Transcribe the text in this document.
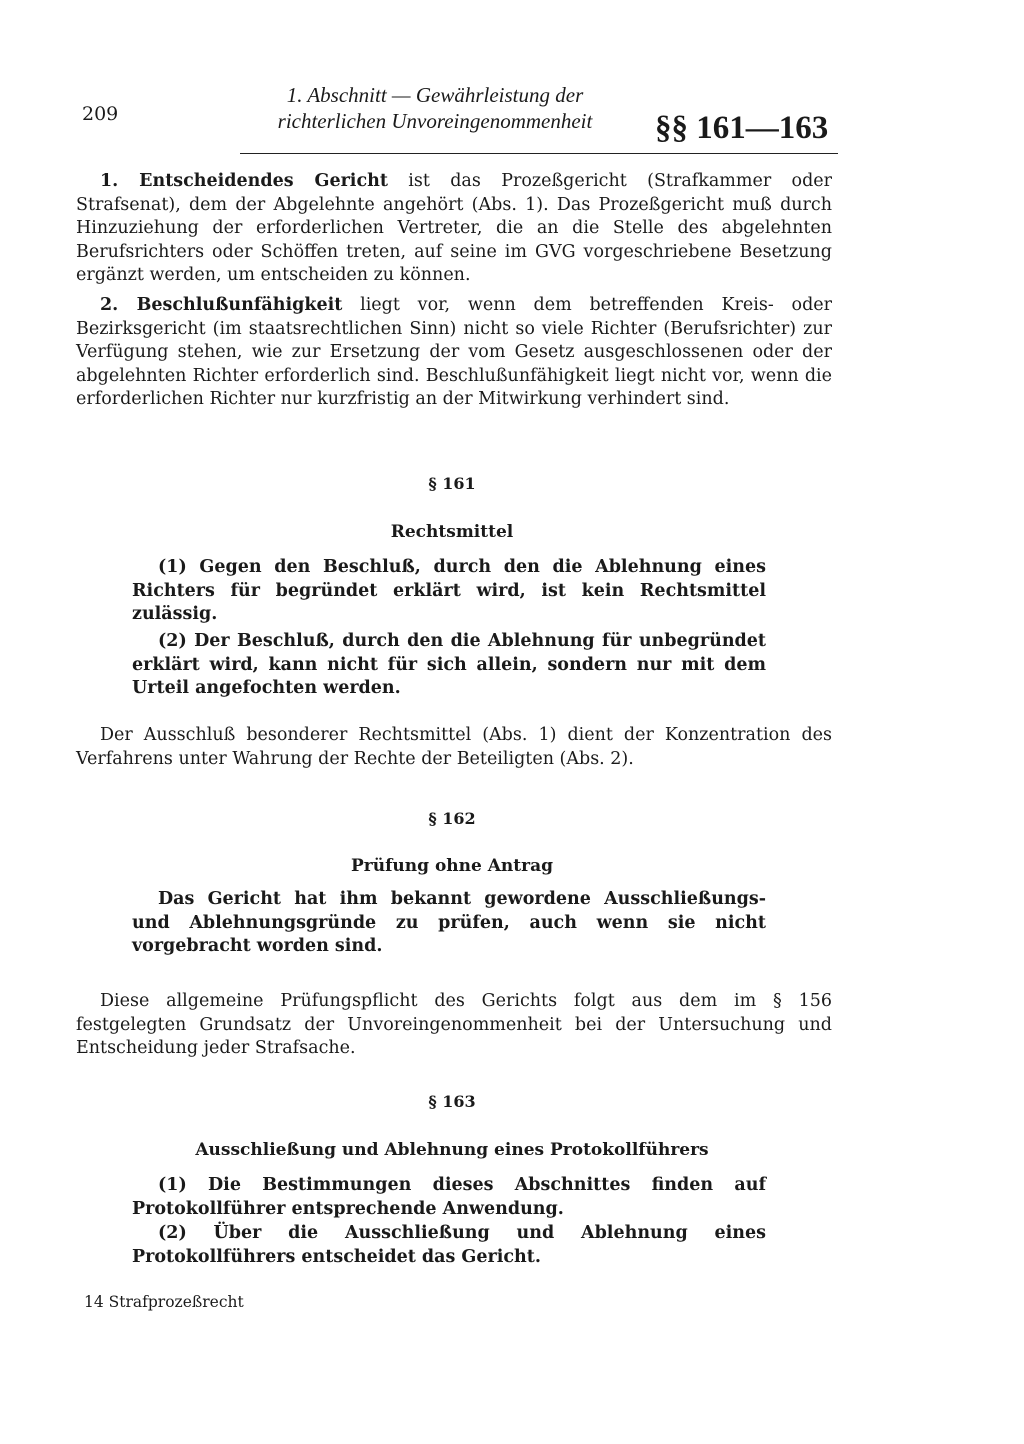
209
1. Abschnitt — Gewährleistung der
richterlichen Unvoreingenommenheit	§§ 161—163

1. Entscheidendes Gericht ist das Prozeßgericht (Strafkammer oder Strafsenat), dem der Abgelehnte angehört (Abs. 1). Das Prozeßgericht muß durch Hinzuziehung der erforderlichen Vertreter, die an die Stelle des abgelehnten Berufsrichters oder Schöffen treten, auf seine im GVG vorgeschriebene Besetzung ergänzt werden, um entscheiden zu können.

2. Beschlußunfähigkeit liegt vor, wenn dem betreffenden Kreis- oder Bezirksgericht (im staatsrechtlichen Sinn) nicht so viele Richter (Berufsrichter) zur Verfügung stehen, wie zur Ersetzung der vom Gesetz ausgeschlossenen oder der abgelehnten Richter erforderlich sind. Beschlußunfähigkeit liegt nicht vor, wenn die erforderlichen Richter nur kurzfristig an der Mitwirkung verhindert sind.

§ 161
Rechtsmittel

(1) Gegen den Beschluß, durch den die Ablehnung eines Richters für begründet erklärt wird, ist kein Rechtsmittel zulässig.

(2) Der Beschluß, durch den die Ablehnung für unbegründet erklärt wird, kann nicht für sich allein, sondern nur mit dem Urteil angefochten werden.

Der Ausschluß besonderer Rechtsmittel (Abs. 1) dient der Konzentration des Verfahrens unter Wahrung der Rechte der Beteiligten (Abs. 2).

§ 162
Prüfung ohne Antrag

Das Gericht hat ihm bekannt gewordene Ausschließungs- und Ablehnungsgründe zu prüfen, auch wenn sie nicht vorgebracht worden sind.

Diese allgemeine Prüfungspflicht des Gerichts folgt aus dem im § 156 festgelegten Grundsatz der Unvoreingenommenheit bei der Untersuchung und Entscheidung jeder Strafsache.

§ 163
Ausschließung und Ablehnung eines Protokollführers

(1) Die Bestimmungen dieses Abschnittes finden auf Protokollführer entsprechende Anwendung.

(2) Über die Ausschließung und Ablehnung eines Protokollführers entscheidet das Gericht.

14 Strafprozeßrecht
